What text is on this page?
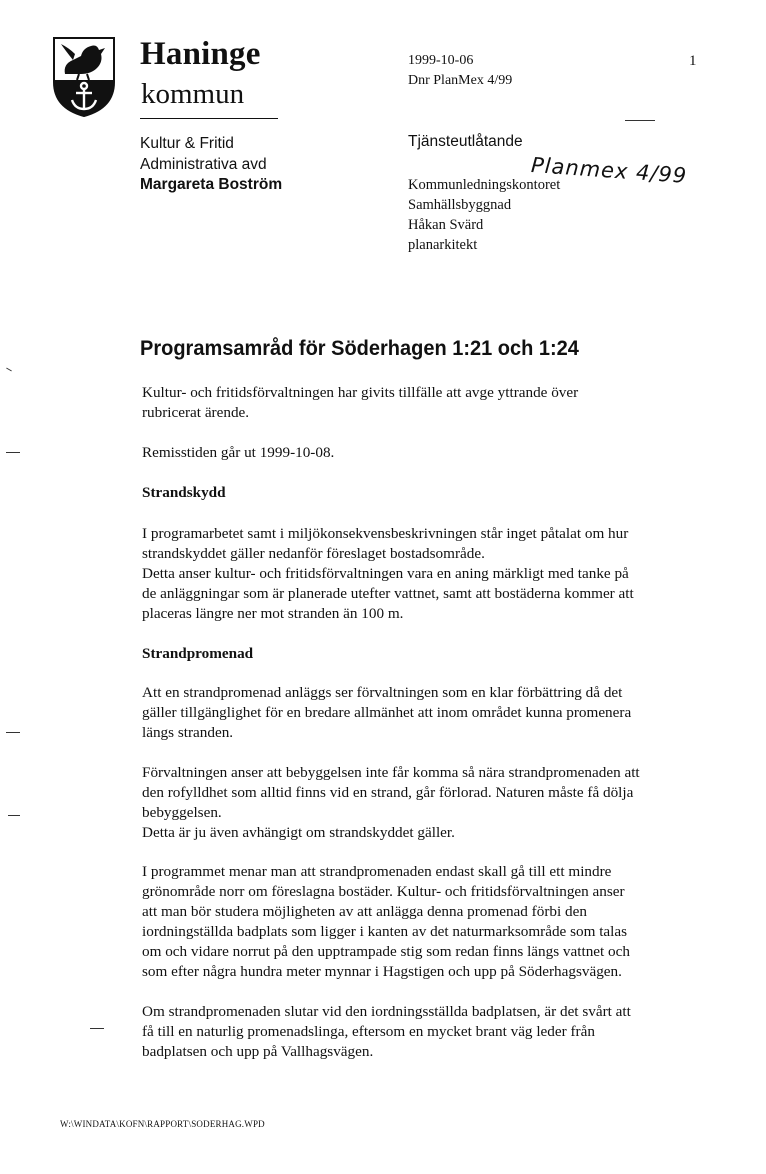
Haninge
kommun
Kultur & Fritid
Administrativa avd
Margareta Boström
1999-10-06
Dnr PlanMex 4/99
1
Tjänsteutlåtande
Planmex 4/99
Kommunledningskontoret
Samhällsbyggnad
Håkan Svärd
planarkitekt
Programsamråd för Söderhagen 1:21 och 1:24
Kultur- och fritidsförvaltningen har givits tillfälle att avge yttrande över
rubricerat ärende.
Remisstiden går ut 1999-10-08.
Strandskydd
I programarbetet samt i miljökonsekvensbeskrivningen står inget påtalat om hur
strandskyddet gäller nedanför föreslaget bostadsområde.
Detta anser kultur- och fritidsförvaltningen vara en aning märkligt med tanke på
de anläggningar som är planerade utefter vattnet, samt att bostäderna kommer att
placeras längre ner mot stranden än 100 m.
Strandpromenad
Att en strandpromenad anläggs ser förvaltningen som en klar förbättring då det
gäller tillgänglighet för en bredare allmänhet att inom området kunna promenera
längs stranden.
Förvaltningen anser att bebyggelsen inte får komma så nära strandpromenaden att
den rofylldhet som alltid finns vid en strand, går förlorad. Naturen måste få dölja
bebyggelsen.
Detta är ju även avhängigt om strandskyddet gäller.
I programmet menar man att strandpromenaden endast skall gå till ett mindre
grönområde norr om föreslagna bostäder. Kultur- och fritidsförvaltningen anser
att man bör studera möjligheten av att anlägga denna promenad förbi den
iordningställda badplats som ligger i kanten av det naturmarksområde som talas
om och vidare norrut på den upptrampade stig som redan finns längs vattnet och
som efter några hundra meter mynnar i Hagstigen och upp på Söderhagsvägen.
Om strandpromenaden slutar vid den iordningsställda badplatsen, är det svårt att
få till en naturlig promenadslinga, eftersom en mycket brant väg leder från
badplatsen och upp på Vallhagsvägen.
W:\WINDATA\KOFN\RAPPORT\SODERHAG.WPD
